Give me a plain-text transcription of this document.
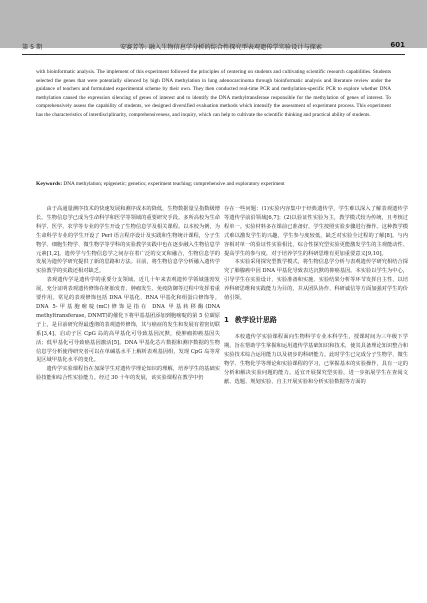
第 5 期	安赛芳等: 融入生物信息学分析的综合性探究型表观遗传学实验设计与探索	601
with bioinformatic analysis. The implement of this experiment followed the principles of centering on students and cultivating scientific research capabilities. Students selected the genes that were potentially silenced by high DNA methylation in lung adenocarcinoma through bioinformatic analysis and literature review under the guidance of teachers and formulated experimental scheme by their own. They then conducted real-time PCR and methylation-specific PCR to explore whether DNA methylation caused the expression silencing of genes of interest and to identify the DNA methyltransferase responsible for the methylation of genes of interest. To comprehensively assess the capability of students, we designed diversified evaluation methods which intensify the assessment of experiment process. This experiment has the characteristics of interdisciplinarity, comprehensiveness, and inquiry, which can help to cultivate the scientific thinking and practical ability of students.
Keywords: DNA methylation; epigenetic; genetics; experiment teaching; comprehensive and exploratory experiment

由于高通量测序技术的快速发展和测序成本的降低，生物数据量呈指数级增长。生物信息学已成为生命科学和医学等领域的重要研究手段。多所高校为生命科学、医学、农学等专业的学生开设了生物信息学及相关课程。以本校为例，为生命科学专业的学生开设了 Perl 语言程序设计及实践和生物统计课程，分子生物学、细胞生物学、微生物学等学科的实验教学实践中也在逐步融入生物信息学元素[1,2]。遗传学与生物信息学之间存在着广泛的交叉和融合，生物信息学的发展为遗传学研究提供了新的思路和方法。目前，将生物信息学分析融入遗传学实验教学的实践还相对缺乏。

表观遗传学是遗传学的重要分支领域。近几十年来表观遗传学领域蓬勃发展，充分证明表观遗传修饰在胚胎发育、肿瘤发生、免疫防御等过程中发挥着重要作用。常见的表观修饰包括 DNA 甲基化、RNA 甲基化和组蛋白修饰等。DNA 5-甲基胞嘧啶(mC)修饰是指在 DNA 甲基转移酶(DNA methyltransferase, DNMT)的催化下将甲基基团添加到胞嘧啶的第 5 位碳原子上，是目前研究得最透彻的表观遗传修饰，其与癌症的发生和发展有着密切联系[3,4]。启动子区 CpG 岛的高甲基化可导致基因沉默，使肿瘤抑癌基因失活；低甲基化可导致癌基因激活[5]。DNA 甲基化芯片数据和测序数据的生物信息学分析使得研究者可以在单碱基水平上解析表观基因组，发现 CpG 岛等常见区域甲基化水平的变化。

遗传学实验课程旨在加深学生对遗传学理论知识的理解，培养学生的基础实验技能和综合性实验能力。经过 30 十年的发展，该实验课程在教学中仍

存在一些问题：(1)实验内容集中于经典遗传学，学生难以深入了解表观遗传学等遗传学前沿领域[6,7]；(2)以验证性实验为主，教学模式较为传统，且考核过程单一。实验材料多在课前已准备好，学生按照实验步骤进行操作。这种教学模式难以激发学生的兴趣，学生参与度较低，缺乏对实验全过程的了解[8]。与内容相对单一的验证性实验相比，综合性探究型实验更能激发学生的主观能动性、提高学生的参与度，对于培养学生的科研思维有更加重要意义[9,10]。

本实验采用探究型教学模式，将生物信息学分析与表观遗传学研究相结合探究了肺腺癌中因 DNA 甲基化导致表达沉默的抑癌基因。本实验以学生为中心，引导学生在实验设计、实验准备和实施、实验结果分析等环节发挥自主性，以培养科研思维和实践能力为目的，并从团队协作、科研诚信等方面加强对学生的价值引领。

1 教学设计思路

本校遗传学实验课程面向生物科学专业本科学生，授课时间为三年级下学期，旨在帮助学生掌握和运用遗传学基础知识和技术，使其具备理论知识整合和实验技术综合运用能力以及初步的科研能力。此时学生已完成分子生物学、微生物学、生物化学等理论和实验课程的学习，已掌握基本的实验操作，具有一定的分析和解决实验问题的能力。适宜开展探究型实验，进一步拓展学生在查阅文献、选题、规划实验、自主开展实验和分析实验数据等方面的
